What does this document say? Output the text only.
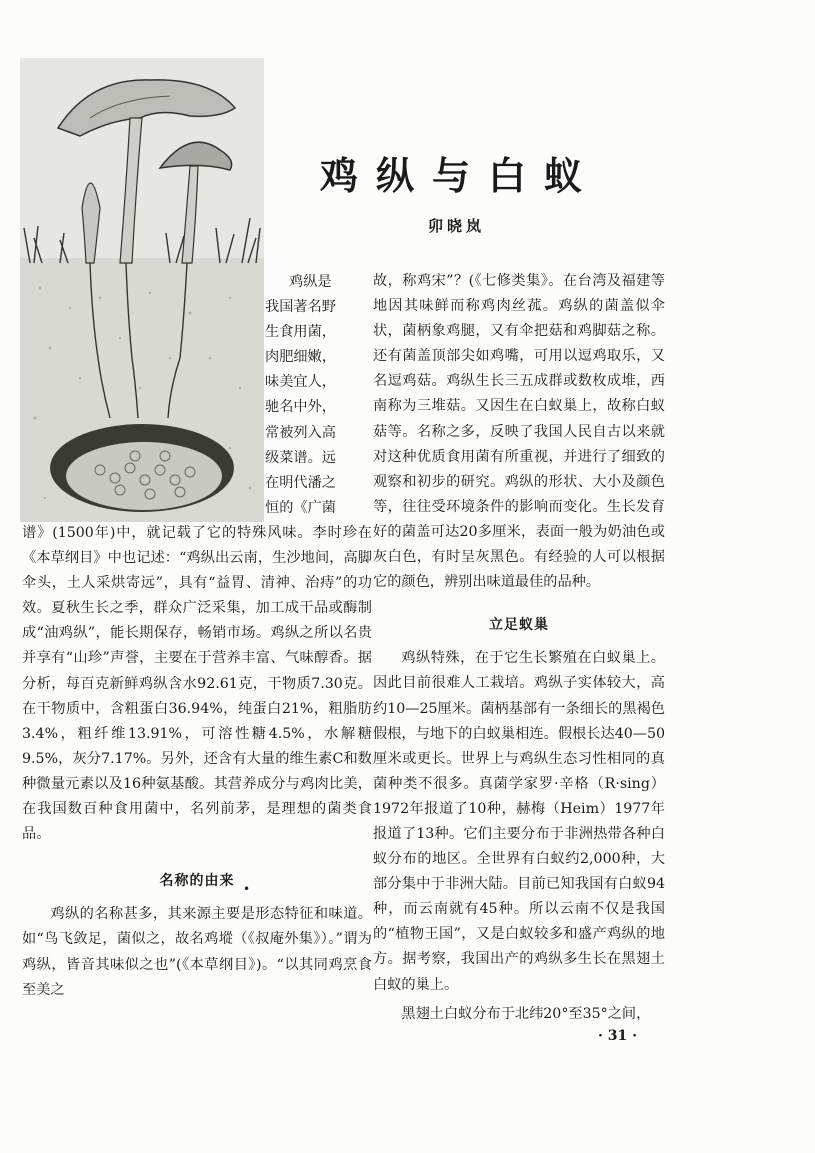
鸡纵与白蚁
卯晓岚
鸡纵是
我国著名野
生食用菌，
肉肥细嫩，
味美宜人，
驰名中外，
常被列入高
级菜谱。远
在明代潘之
恒的《广菌

谱》(1500年)中，就记载了它的特殊风味。李时珍在《本草纲目》中也记述：“鸡纵出云南，生沙地间，高脚伞头，土人采烘寄远”，具有“益胃、清神、治痔”的功效。夏秋生长之季，群众广泛采集，加工成干品或酶制成“油鸡纵”，能长期保存，畅销市场。鸡纵之所以名贵并享有“山珍”声誉，主要在于营养丰富、气味醇香。据分析，每百克新鲜鸡纵含水92.61克，干物质7.30克。在干物质中，含粗蛋白36.94%，纯蛋白21%，粗脂肪3.4%，粗纤维13.91%，可溶性糖4.5%，水解糖9.5%，灰分7.17%。另外，还含有大量的维生素C和数种微量元素以及16种氨基酸。其营养成分与鸡肉比美，在我国数百种食用菌中，名列前茅，是理想的菌类食品。

名称的由来

鸡纵的名称甚多，其来源主要是形态特征和味道。如“鸟飞敛足，菌似之，故名鸡㙡（《叔庵外集》）。”谓为鸡纵，皆音其味似之也”(《本草纲目》)。“以其同鸡烹食至美之

•

故，称鸡宋”？(《七修类集》。在台湾及福建等地因其味鲜而称鸡肉丝菰。鸡纵的菌盖似伞状，菌柄象鸡腿，又有伞把菇和鸡脚菇之称。还有菌盖顶部尖如鸡嘴，可用以逗鸡取乐，又名逗鸡菇。鸡纵生长三五成群或数枚成堆，西南称为三堆菇。又因生在白蚁巢上，故称白蚁菇等。名称之多，反映了我国人民自古以来就对这种优质食用菌有所重视，并进行了细致的观察和初步的研究。鸡纵的形状、大小及颜色等，往往受环境条件的影响而变化。生长发育好的菌盖可达20多厘米，表面一般为奶油色或灰白色，有时呈灰黑色。有经验的人可以根据它的颜色，辨别出味道最佳的品种。

立足蚁巢

鸡纵特殊，在于它生长繁殖在白蚁巢上。因此目前很难人工栽培。鸡纵子实体较大，高约10—25厘米。菌柄基部有一条细长的黑褐色假根，与地下的白蚁巢相连。假根长达40—50厘米或更长。世界上与鸡纵生态习性相同的真菌种类不很多。真菌学家罗·辛格（R·sing）1972年报道了10种，赫梅（Heim）1977年报道了13种。它们主要分布于非洲热带各种白蚁分布的地区。全世界有白蚁约2,000种，大部分集中于非洲大陆。目前已知我国有白蚁94种，而云南就有45种。所以云南不仅是我国的“植物王国”，又是白蚁较多和盛产鸡纵的地方。据考察，我国出产的鸡纵多生长在黑翅土白蚁的巢上。

黑翅土白蚁分布于北纬20°至35°之间，

· 31 ·
